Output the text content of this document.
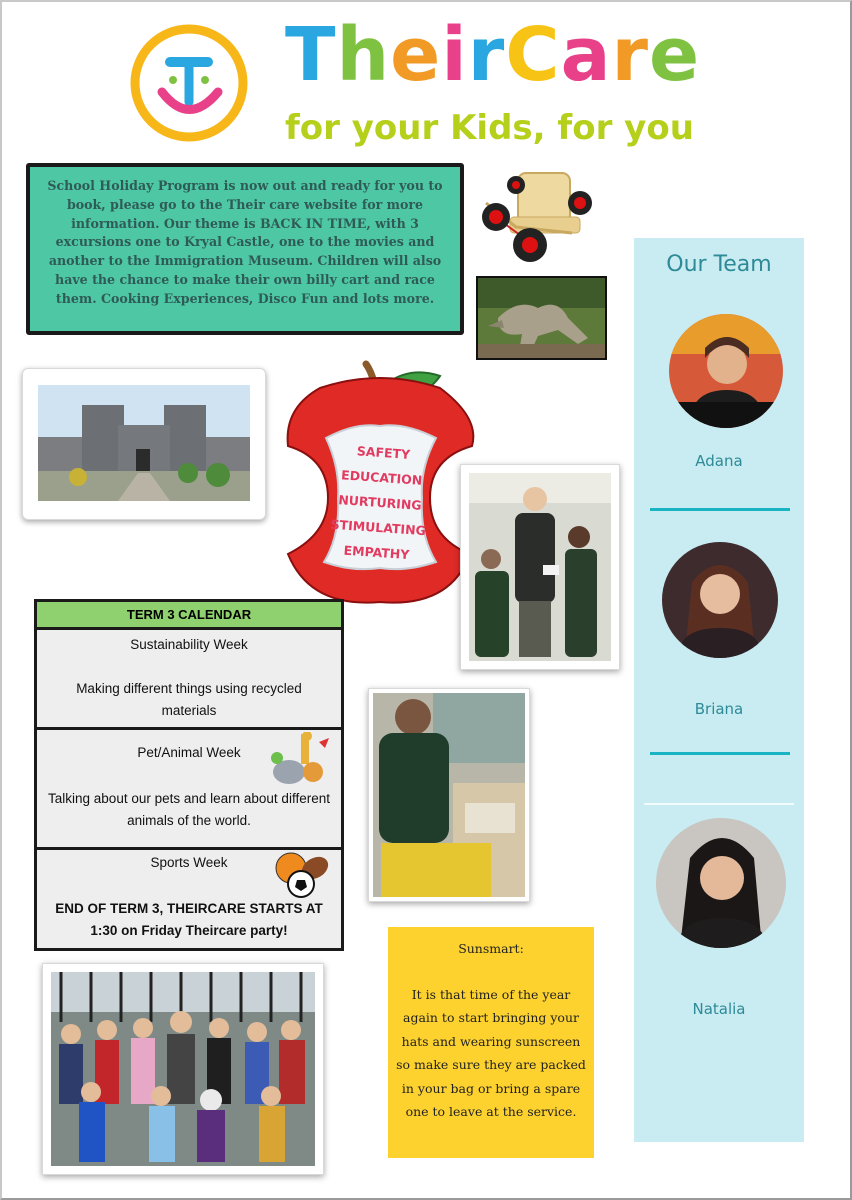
TheirCare
for your Kids, for you

School Holiday Program is now out and ready for you to book, please go to the Their care website for more information. Our theme is BACK IN TIME, with 3 excursions one to Kryal Castle, one to the movies and another to the Immigration Museum. Children will also have the chance to make their own billy cart and race them. Cooking Experiences, Disco Fun and lots more.

SAFETY
EDUCATION
NURTURING
STIMULATING
EMPATHY
TERM 3 CALENDAR
Sustainability Week
Making different things using recycled materials
Pet/Animal Week
Talking about our pets and learn about different animals of the world.
Sports Week
END OF TERM 3, THEIRCARE STARTS AT 1:30 on Friday Theircare party!
Sunsmart:
It is that time of the year again to start bringing your hats and wearing sunscreen so make sure they are packed in your bag or bring a spare one to leave at the service.
Our Team
Adana
Briana
Natalia
